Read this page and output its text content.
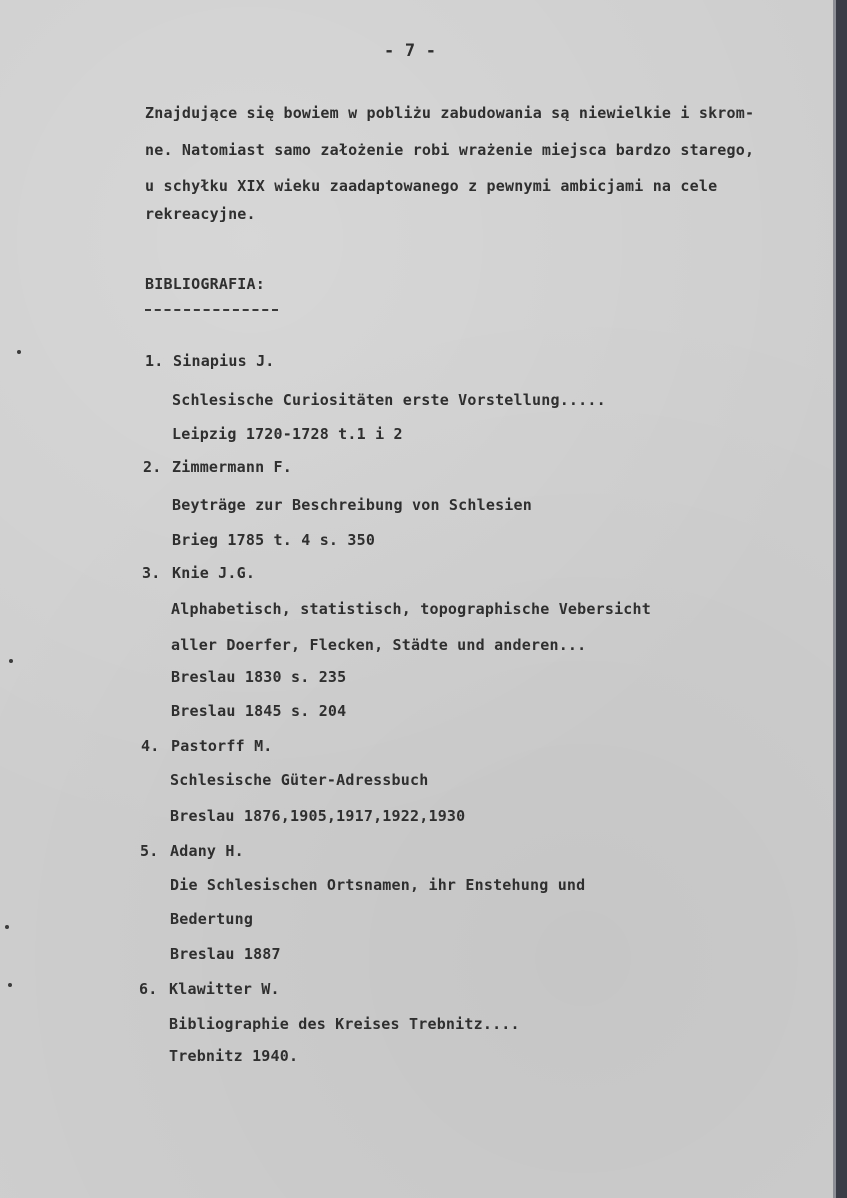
- 7 -
Znajdujące się bowiem w pobliżu zabudowania są niewielkie i skrom-
ne. Natomiast samo założenie robi wrażenie miejsca bardzo starego,
u schyłku XIX wieku zaadaptowanego z pewnymi ambicjami na cele
rekreacyjne.
BIBLIOGRAFIA:
1. Sinapius J.
Schlesische Curiositäten erste Vorstellung.....
Leipzig 1720-1728 t.1 i 2
2. Zimmermann F.
Beyträge zur Beschreibung von Schlesien
Brieg 1785 t. 4 s. 350
3. Knie J.G.
Alphabetisch, statistisch, topographische Vebersicht
aller Doerfer, Flecken, Städte und anderen...
Breslau 1830 s. 235
Breslau 1845 s. 204
4. Pastorff M.
Schlesische Güter-Adressbuch
Breslau 1876,1905,1917,1922,1930
5. Adany H.
Die Schlesischen Ortsnamen, ihr Enstehung und
Bedertung
Breslau 1887
6. Klawitter W.
Bibliographie des Kreises Trebnitz....
Trebnitz 1940.
